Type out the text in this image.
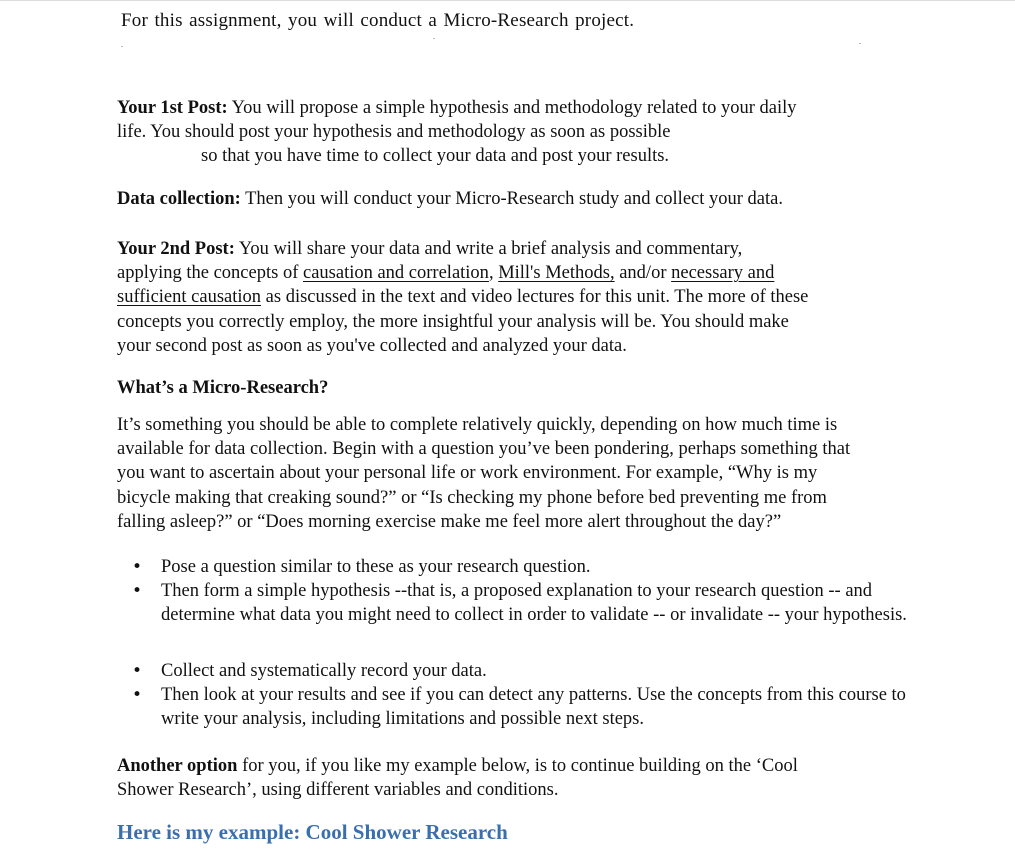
For this assignment, you will conduct a Micro-Research project.

Your 1st Post: You will propose a simple hypothesis and methodology related to your daily
life. You should post your hypothesis and methodology as soon as possible
so that you have time to collect your data and post your results.

Data collection: Then you will conduct your Micro-Research study and collect your data.

Your 2nd Post: You will share your data and write a brief analysis and commentary,
applying the concepts of causation and correlation, Mill's Methods, and/or necessary and
sufficient causation as discussed in the text and video lectures for this unit. The more of these
concepts you correctly employ, the more insightful your analysis will be. You should make
your second post as soon as you've collected and analyzed your data.

What’s a Micro-Research?

It’s something you should be able to complete relatively quickly, depending on how much time is
available for data collection. Begin with a question you’ve been pondering, perhaps something that
you want to ascertain about your personal life or work environment. For example, “Why is my
bicycle making that creaking sound?” or “Is checking my phone before bed preventing me from
falling asleep?” or “Does morning exercise make me feel more alert throughout the day?”

• Pose a question similar to these as your research question.
• Then form a simple hypothesis --that is, a proposed explanation to your research question -- and determine what data you might need to collect in order to validate -- or invalidate -- your hypothesis.
• Collect and systematically record your data.
• Then look at your results and see if you can detect any patterns. Use the concepts from this course to write your analysis, including limitations and possible next steps.

Another option for you, if you like my example below, is to continue building on the ‘Cool
Shower Research’, using different variables and conditions.

Here is my example: Cool Shower Research
